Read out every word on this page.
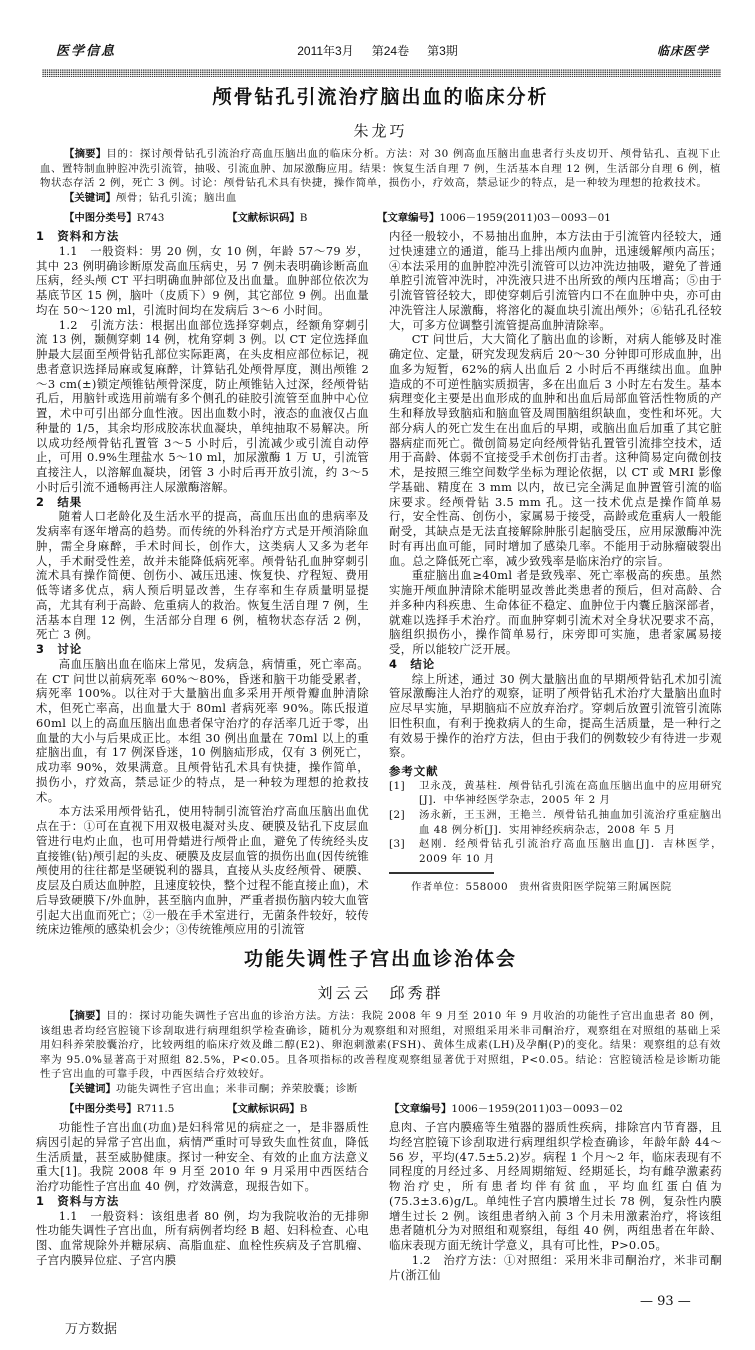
医学信息	2011年3月 第24卷 第3期	临床医学
颅骨钻孔引流治疗脑出血的临床分析
朱龙巧

【摘要】目的：探讨颅骨钻孔引流治疗高血压脑出血的临床分析。方法：对 30 例高血压脑出血患者行头皮切开、颅骨钻孔、直视下止血、置特制血肿腔冲洗引流管，抽吸、引流血肿、加尿激酶应用。结果：恢复生活自理 7 例，生活基本自理 12 例，生活部分自理 6 例，植物状态存活 2 例，死亡 3 例。讨论：颅骨钻孔术具有快捷，操作简单，损伤小，疗效高，禁忌证少的特点，是一种较为理想的抢救技术。

【关键词】颅骨；钻孔引流；脑出血

【中图分类号】R743	【文献标识码】B	【文章编号】1006－1959(2011)03－0093－01
1　资料和方法

1.1　一般资料：男 20 例，女 10 例，年龄 57～79 岁，其中 23 例明确诊断原发高血压病史，另 7 例未表明确诊断高血压病，经头颅 CT 平扫明确血肿部位及出血量。血肿部位依次为基底节区 15 例，脑叶（皮质下）9 例，其它部位 9 例。出血量均在 50～120 ml，引流时间均在发病后 3～6 小时间。

1.2　引流方法：根据出血部位选择穿刺点，经额角穿刺引流 13 例，颞侧穿刺 14 例，枕角穿刺 3 例。以 CT 定位选择血肿最大层面至颅骨钻孔部位实际距离，在头皮相应部位标记，视患者意识选择局麻或复麻醉，计算钻孔处颅骨厚度，测出颅锥 2～3 cm(±)锁定颅锥钻颅骨深度，防止颅锥钻入过深，经颅骨钻孔后，用脑针或选用前端有多个侧孔的硅胶引流管至血肿中心位置，术中可引出部分血性液。因出血数小时，液态的血液仅占血种量的 1/5，其余均形成胶冻状血凝块，单纯抽取不易解决。所以成功经颅骨钻孔置管 3～5 小时后，引流减少或引流自动停止，可用 0.9%生理盐水 5～10 ml，加尿激酶 1 万 U，引流管直接注人，以溶解血凝块，闭管 3 小时后再开放引流，约 3～5 小时后引流不通畅再注人尿激酶溶解。

2　结果

随着人口老龄化及生活水平的提高，高血压出血的患病率及发病率有逐年增高的趋势。而传统的外科治疗方式是开颅消除血肿，需全身麻醉，手术时间长，创作大，这类病人又多为老年人，手术耐受性差，故并未能降低病死率。颅骨钻孔血肿穿刺引流术具有操作简便、创伤小、减压迅速、恢复快、疗程短、费用低等诸多优点，病人预后明显改善，生存率和生存质量明显提高，尤其有利于高龄、危重病人的救治。恢复生活自理 7 例，生活基本自理 12 例，生活部分自理 6 例，植物状态存活 2 例，死亡 3 例。

3　讨论

高血压脑出血在临床上常见，发病急，病情重，死亡率高。在 CT 问世以前病死率 60%～80%，昏迷和脑干功能受累者，病死率 100%。以往对于大量脑出血多采用开颅骨瓣血肿清除术，但死亡率高，出血量大于 80ml 者病死率 90%。陈氏报道 60ml 以上的高血压脑出血患者保守治疗的存活率几近于零，出血量的大小与后果成正比。本组 30 例出血量在 70ml 以上的重症脑出血，有 17 例深昏迷，10 例脑疝形成，仅有 3 例死亡，成功率 90%，效果满意。且颅骨钻孔术具有快捷，操作简单，损伤小，疗效高，禁忌证少的特点，是一种较为理想的抢救技术。

本方法采用颅骨钻孔，使用特制引流管治疗高血压脑出血优点在于：①可在直视下用双极电凝对头皮、硬膜及钻孔下皮层血管进行电灼止血，也可用骨蜡进行颅骨止血，避免了传统经头皮直接锥(钻)颅引起的头皮、硬膜及皮层血管的损伤出血(因传统锥颅使用的往往都是坚硬锐利的器具，直接从头皮经颅骨、硬膜、皮层及白质达血肿腔，且速度较快，整个过程不能直接止血)，术后导致硬膜下/外血肿，甚至脑内血肿，严重者损伤脑内较大血管引起大出血而死亡；②一般在手术室进行，无菌条件较好，较传统床边锥颅的感染机会少；③传统锥颅应用的引流管

内径一般较小，不易抽出血肿，本方法由于引流管内径较大，通过快速建立的通道，能马上排出颅内血肿，迅速缓解颅内高压；④本法采用的血肿腔冲洗引流管可以边冲洗边抽吸，避免了普通单腔引流管冲洗时，冲洗液只进不出所致的颅内压增高；⑤由于引流管管径较大，即使穿刺后引流管内口不在血肿中央，亦可由冲洗管注人尿激酶，将溶化的凝血块引流出颅外；⑥钻孔孔径较大，可多方位调整引流管提高血肿清除率。

CT 问世后，大大简化了脑出血的诊断，对病人能够及时准确定位、定量，研究发现发病后 20～30 分钟即可形成血肿，出血多为短暂，62%的病人出血后 2 小时后不再继续出血。血肿造成的不可逆性脑实质损害，多在出血后 3 小时左右发生。基本病理变化主要是出血形成的血肿和出血后局部血管活性物质的产生和释放导致脑疝和脑血管及周围脑组织缺血，变性和坏死。大部分病人的死亡发生在出血后的早期，或脑出血后加重了其它脏器病症而死亡。微创简易定向经颅骨钻孔置管引流排空技术，适用于高龄、体弱不宜接受手术创伤打击者。这种简易定向微创技术，是按照三维空间数学坐标为理论依据，以 CT 或 MRI 影像学基础、精度在 3 mm 以内，故已完全满足血肿置管引流的临床要求。经颅骨钻 3.5 mm 孔。这一技术优点是操作简单易行，安全性高、创伤小，家属易于接受，高龄或危重病人一般能耐受，其缺点是无法直接解除肿胀引起脑受压，应用尿激酶冲洗时有再出血可能，同时增加了感染几率。不能用于动脉瘤破裂出血。总之降低死亡率，减少致残率是临床治疗的宗旨。

重症脑出血≥40ml 者是致残率、死亡率极高的疾患。虽然实施开颅血肿清除术能明显改善此类患者的预后，但对高龄、合并多种内科疾患、生命体征不稳定、血肿位于内囊丘脑深部者，就难以选择手术治疗。而血肿穿刺引流术对全身状况要求不高，脑组织损伤小，操作简单易行，床旁即可实施，患者家属易接受，所以能较广泛开展。

4　结论

综上所述，通过 30 例大量脑出血的早期颅骨钻孔术加引流管尿激酶注人治疗的观察，证明了颅骨钻孔术治疗大量脑出血时应尽早实施，早期脑疝不应放弃治疗。穿刺后放置引流管引流陈旧性积血，有利于挽救病人的生命，提高生活质量，是一种行之有效易于操作的治疗方法，但由于我们的例数较少有待进一步观察。

参考文献
[1]	卫永茂，黄基柱．颅骨钻孔引流在高血压脑出血中的应用研究[J]．中华神经医学杂志，2005 年 2 月
[2]	汤永新，王玉洲，王艳兰．颅骨钻孔抽血加引流治疗重症脑出血 48 例分析[J]．实用神经疾病杂志，2008 年 5 月
[3]	赵刚．经颅骨钻孔引流治疗高血压脑出血[J]．吉林医学，2009 年 10 月
作者单位：558000　贵州省贵阳医学院第三附属医院
功能失调性子宫出血诊治体会
刘云云　邱秀群

【摘要】目的：探讨功能失调性子宫出血的诊治方法。方法：我院 2008 年 9 月至 2010 年 9 月收治的功能性子宫出血患者 80 例，该组患者均经宫腔镜下诊刮取进行病理组织学检查确诊，随机分为观察组和对照组，对照组采用米非司酮治疗，观察组在对照组的基础上采用妇科养荣胶囊治疗，比较两组的临床疗效及雌二醇(E2)、卵泡刺激素(FSH)、黄体生成素(LH)及孕酮(P)的变化。结果：观察组的总有效率为 95.0%显著高于对照组 82.5%，P<0.05。且各项指标的改善程度观察组显著优于对照组，P<0.05。结论：宫腔镜活检是诊断功能性子宫出血的可靠手段，中西医结合疗效较好。

【关键词】功能失调性子宫出血；米非司酮；养荣胶囊；诊断

【中图分类号】R711.5	【文献标识码】B	【文章编号】1006－1959(2011)03－0093－02

功能性子宫出血(功血)是妇科常见的病症之一，是非器质性病因引起的异常子宫出血，病情严重时可导致失血性贫血，降低生活质量，甚至威胁健康。探讨一种安全、有效的止血方法意义重大[1]。我院 2008 年 9 月至 2010 年 9 月采用中西医结合治疗功能性子宫出血 40 例，疗效满意，现报告如下。

1　资料与方法

1.1　一般资料：该组患者 80 例，均为我院收治的无排卵性功能失调性子宫出血，所有病例者均经 B 超、妇科检查、心电图、血常规除外并糖尿病、高脂血症、血栓性疾病及子宫肌瘤、子宫内膜异位症、子宫内膜

息肉、子宫内膜癌等生殖器的器质性疾病，排除宫内节育器，且均经宫腔镜下诊刮取进行病理组织学检查确诊，年龄年龄 44～56 岁，平均(47.5±5.2)岁。病程 1 个月～2 年，临床表现有不同程度的月经过多、月经周期缩短、经期延长，均有雌孕激素药物治疗史，所有患者均伴有贫血，平均血红蛋白值为(75.3±3.6)g/L。单纯性子宫内膜增生过长 78 例，复杂性内膜增生过长 2 例。该组患者纳入前 3 个月未用激素治疗，将该组患者随机分为对照组和观察组，每组 40 例，两组患者在年龄、临床表现方面无统计学意义，具有可比性，P>0.05。

1.2　治疗方法：①对照组：采用米非司酮治疗，米非司酮片(浙江仙

— 93 —
万方数据
